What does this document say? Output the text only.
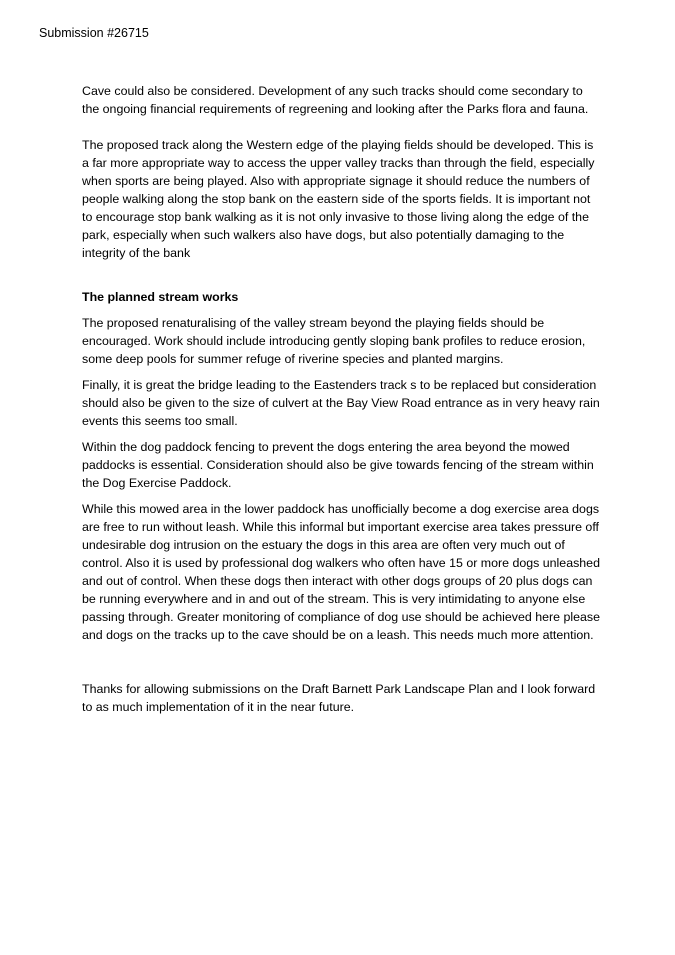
Submission #26715

Cave could also be considered. Development of any such tracks should come secondary to the ongoing financial requirements of regreening and looking after the Parks flora and fauna.

The proposed track along the Western edge of the playing fields should be developed. This is a far more appropriate way to access the upper valley tracks than through the field, especially when sports are being played. Also with appropriate signage it should reduce the numbers of people walking along the stop bank on the eastern side of the sports fields. It is important not to encourage stop bank walking as it is not only invasive to those living along the edge of the park, especially when such walkers also have dogs, but also potentially damaging to the integrity of the bank

The planned stream works

The proposed renaturalising of the valley stream beyond the playing fields should be encouraged. Work should include introducing gently sloping bank profiles to reduce erosion, some deep pools for summer refuge of riverine species and planted margins.

Finally, it is great the bridge leading to the Eastenders track s to be replaced but consideration should also be given to the size of culvert at the Bay View Road entrance as in very heavy rain events this seems too small.

Within the dog paddock fencing to prevent the dogs entering the area beyond the mowed paddocks is essential. Consideration should also be give towards fencing of the stream within the Dog Exercise Paddock.

While this mowed area in the lower paddock has unofficially become a dog exercise area dogs are free to run without leash. While this informal but important exercise area takes pressure off undesirable dog intrusion on the estuary the dogs in this area are often very much out of control. Also it is used by professional dog walkers who often have 15 or more dogs unleashed and out of control. When these dogs then interact with other dogs groups of 20 plus dogs can be running everywhere and in and out of the stream. This is very intimidating to anyone else passing through. Greater monitoring of compliance of dog use should be achieved here please and dogs on the tracks up to the cave should be on a leash. This needs much more attention.

Thanks for allowing submissions on the Draft Barnett Park Landscape Plan and I look forward to as much implementation of it in the near future.
